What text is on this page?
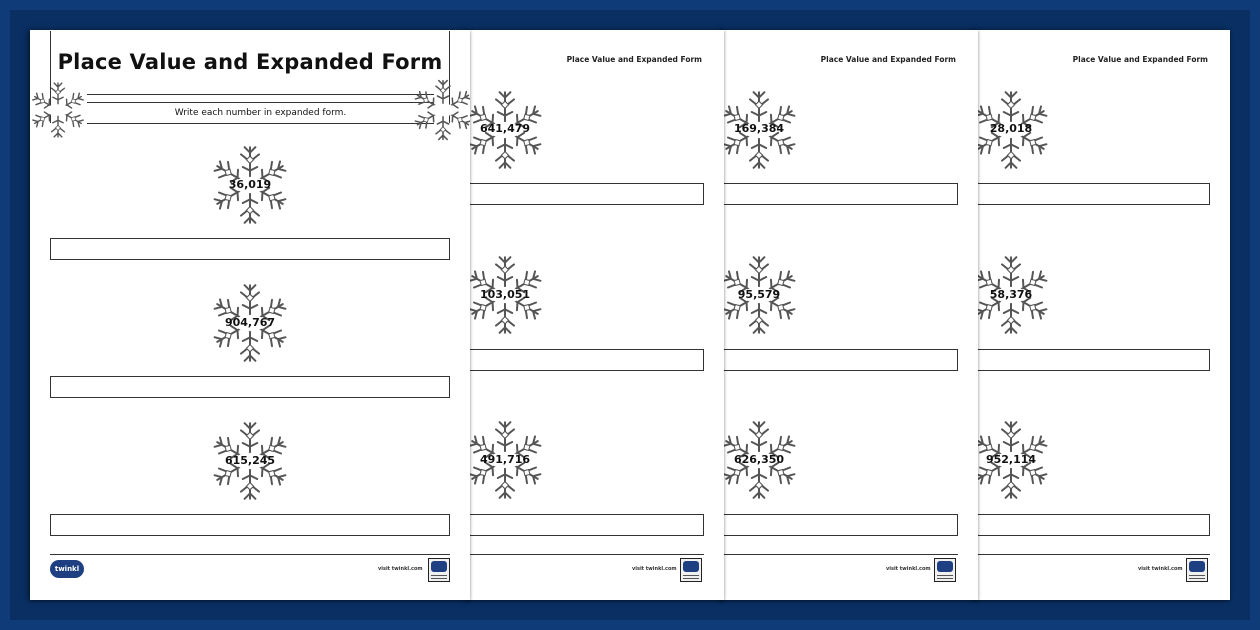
Place Value and Expanded Form
Write each number in expanded form.
36,019
904,767
615,245
twinkl	visit twinkl.com
Place Value and Expanded Form
641,479
103,051
491,716
visit twinkl.com
Place Value and Expanded Form
169,384
95,579
626,350
visit twinkl.com
Place Value and Expanded Form
28,018
58,376
952,114
visit twinkl.com
